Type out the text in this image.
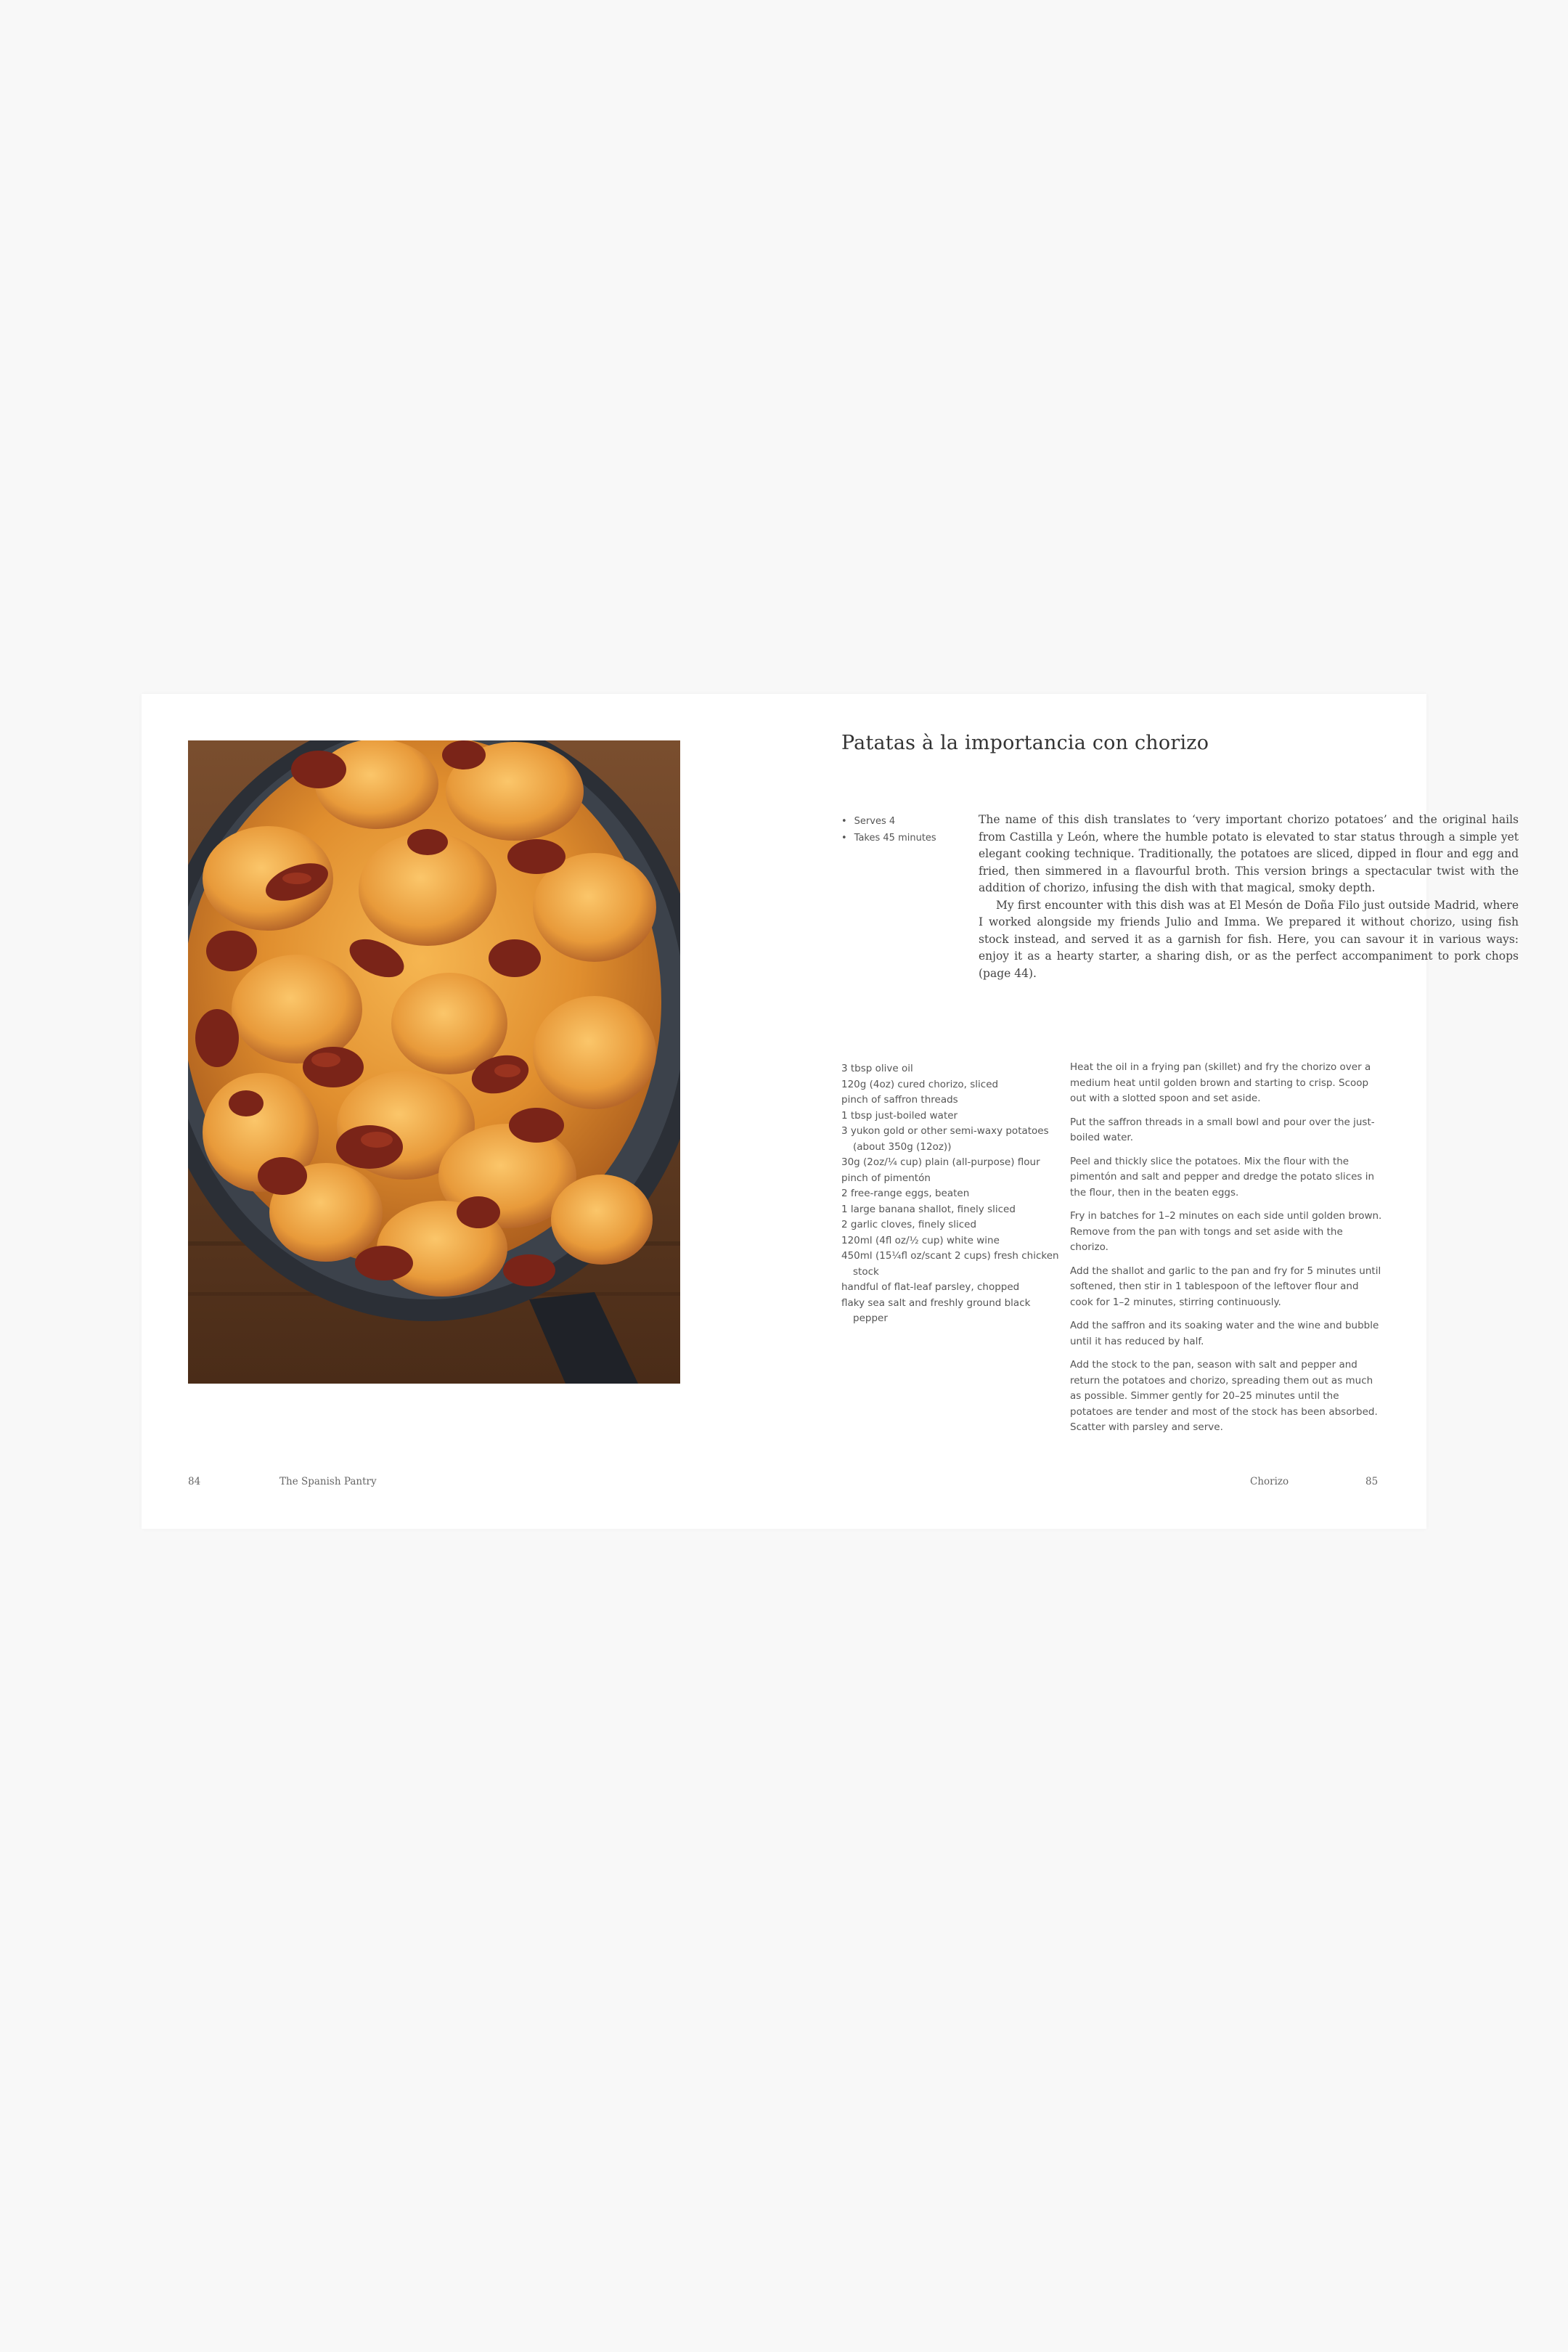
Patatas à la importancia con chorizo
• Serves 4
• Takes 45 minutes

The name of this dish translates to ‘very important chorizo potatoes’ and the original hails from Castilla y León, where the humble potato is elevated to star status through a simple yet elegant cooking technique. Traditionally, the potatoes are sliced, dipped in flour and egg and fried, then simmered in a flavourful broth. This version brings a spectacular twist with the addition of chorizo, infusing the dish with that magical, smoky depth.

My first encounter with this dish was at El Mesón de Doña Filo just outside Madrid, where I worked alongside my friends Julio and Imma. We prepared it without chorizo, using fish stock instead, and served it as a garnish for fish. Here, you can savour it in various ways: enjoy it as a hearty starter, a sharing dish, or as the perfect accompaniment to pork chops (page 44).

3 tbsp olive oil
120g (4oz) cured chorizo, sliced
pinch of saffron threads
1 tbsp just-boiled water
3 yukon gold or other semi-waxy potatoes (about 350g (12oz))
30g (2oz/¼ cup) plain (all-purpose) flour
pinch of pimentón
2 free-range eggs, beaten
1 large banana shallot, finely sliced
2 garlic cloves, finely sliced
120ml (4fl oz/½ cup) white wine
450ml (15¼fl oz/scant 2 cups) fresh chicken stock
handful of flat-leaf parsley, chopped
flaky sea salt and freshly ground black pepper

Heat the oil in a frying pan (skillet) and fry the chorizo over a medium heat until golden brown and starting to crisp. Scoop out with a slotted spoon and set aside.

Put the saffron threads in a small bowl and pour over the just-boiled water.

Peel and thickly slice the potatoes. Mix the flour with the pimentón and salt and pepper and dredge the potato slices in the flour, then in the beaten eggs.

Fry in batches for 1–2 minutes on each side until golden brown. Remove from the pan with tongs and set aside with the chorizo.

Add the shallot and garlic to the pan and fry for 5 minutes until softened, then stir in 1 tablespoon of the leftover flour and cook for 1–2 minutes, stirring continuously.

Add the saffron and its soaking water and the wine and bubble until it has reduced by half.

Add the stock to the pan, season with salt and pepper and return the potatoes and chorizo, spreading them out as much as possible. Simmer gently for 20–25 minutes until the potatoes are tender and most of the stock has been absorbed. Scatter with parsley and serve.

84	The Spanish Pantry	Chorizo	85
